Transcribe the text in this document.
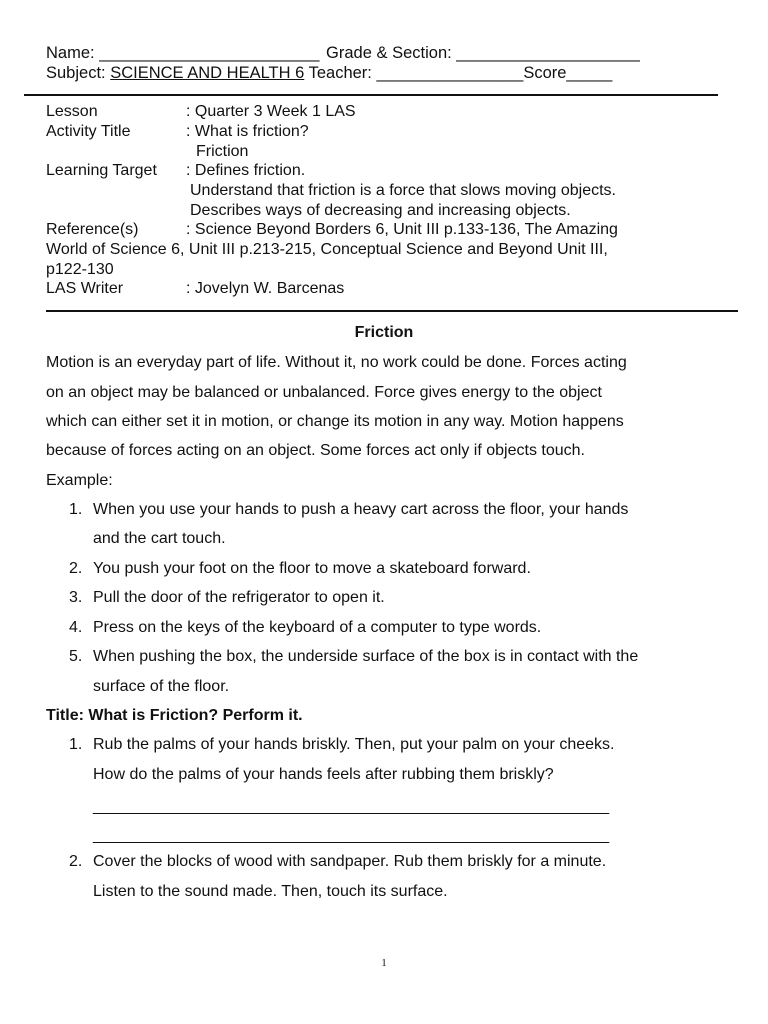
Name: ________________________ Grade & Section: ____________________
Subject: SCIENCE AND HEALTH 6 Teacher: ________________Score_____
Lesson	: Quarter 3 Week 1 LAS
Activity Title	: What is friction?
Friction
Learning Target : Defines friction.
Understand that friction is a force that slows moving objects.
Describes ways of decreasing and increasing objects.
Reference(s)	: Science Beyond Borders 6, Unit III p.133-136, The Amazing
World of Science 6, Unit III p.213-215, Conceptual Science and Beyond Unit III,
p122-130
LAS Writer	: Jovelyn W. Barcenas
Friction
Motion is an everyday part of life. Without it, no work could be done. Forces acting
on an object may be balanced or unbalanced. Force gives energy to the object
which can either set it in motion, or change its motion in any way. Motion happens
because of forces acting on an object. Some forces act only if objects touch.
Example:
1. When you use your hands to push a heavy cart across the floor, your hands
and the cart touch.
2. You push your foot on the floor to move a skateboard forward.
3. Pull the door of the refrigerator to open it.
4. Press on the keys of the keyboard of a computer to type words.
5. When pushing the box, the underside surface of the box is in contact with the
surface of the floor.
Title: What is Friction? Perform it.
1. Rub the palms of your hands briskly. Then, put your palm on your cheeks.
How do the palms of your hands feels after rubbing them briskly?
__________________________________________________________
__________________________________________________________
2. Cover the blocks of wood with sandpaper. Rub them briskly for a minute.
Listen to the sound made. Then, touch its surface.
1
